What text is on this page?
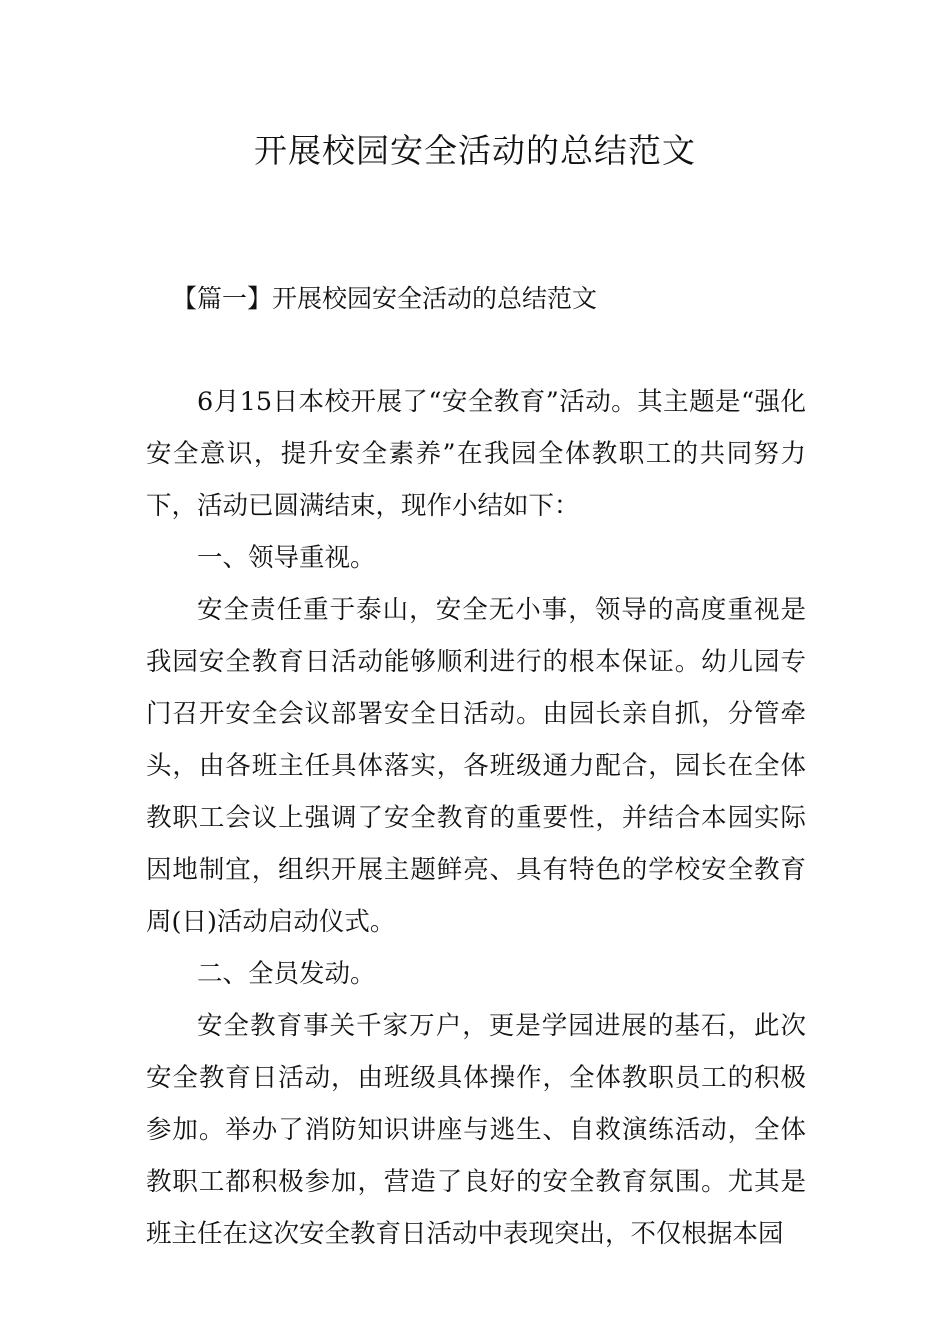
开展校园安全活动的总结范文
【篇一】开展校园安全活动的总结范文

6月15日本校开展了“安全教育”活动。其主题是“强化安全意识，提升安全素养”在我园全体教职工的共同努力下，活动已圆满结束，现作小结如下：

一、领导重视。

安全责任重于泰山，安全无小事，领导的高度重视是我园安全教育日活动能够顺利进行的根本保证。幼儿园专门召开安全会议部署安全日活动。由园长亲自抓，分管牵头，由各班主任具体落实，各班级通力配合，园长在全体教职工会议上强调了安全教育的重要性，并结合本园实际因地制宜，组织开展主题鲜亮、具有特色的学校安全教育周(日)活动启动仪式。

二、全员发动。

安全教育事关千家万户，更是学园进展的基石，此次安全教育日活动，由班级具体操作，全体教职员工的积极参加。举办了消防知识讲座与逃生、自救演练活动，全体教职工都积极参加，营造了良好的安全教育氛围。尤其是班主任在这次安全教育日活动中表现突出，不仅根据本园
